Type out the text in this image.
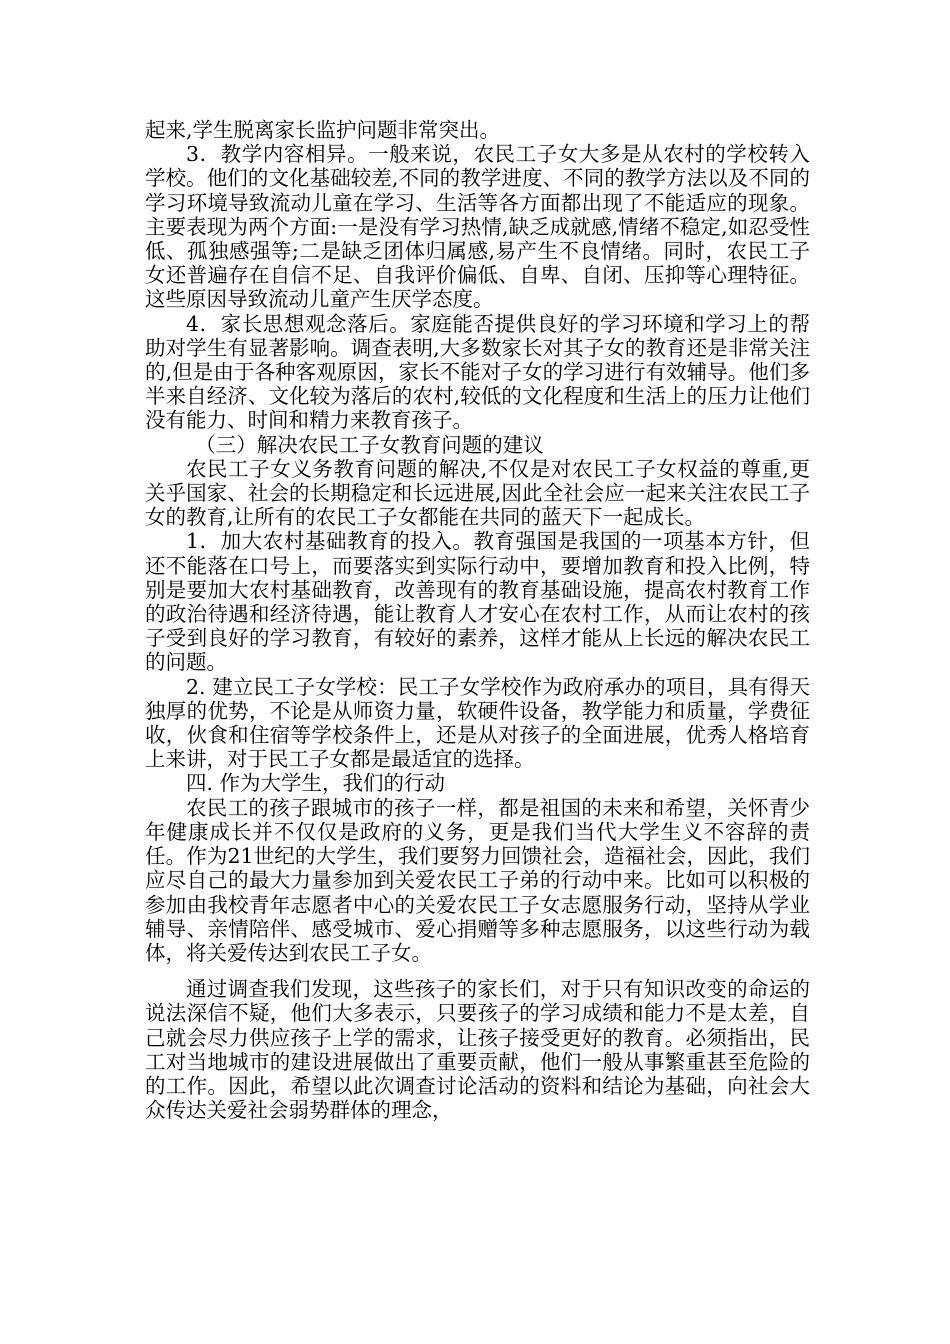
起来,学生脱离家长监护问题非常突出。

3．教学内容相异。一般来说，农民工子女大多是从农村的学校转入学校。他们的文化基础较差,不同的教学进度、不同的教学方法以及不同的学习环境导致流动儿童在学习、生活等各方面都出现了不能适应的现象。主要表现为两个方面:一是没有学习热情,缺乏成就感,情绪不稳定,如忍受性低、孤独感强等;二是缺乏团体归属感,易产生不良情绪。同时，农民工子女还普遍存在自信不足、自我评价偏低、自卑、自闭、压抑等心理特征。这些原因导致流动儿童产生厌学态度。

4．家长思想观念落后。家庭能否提供良好的学习环境和学习上的帮助对学生有显著影响。调查表明,大多数家长对其子女的教育还是非常关注的,但是由于各种客观原因，家长不能对子女的学习进行有效辅导。他们多半来自经济、文化较为落后的农村,较低的文化程度和生活上的压力让他们没有能力、时间和精力来教育孩子。

（三）解决农民工子女教育问题的建议

农民工子女义务教育问题的解决,不仅是对农民工子女权益的尊重,更关乎国家、社会的长期稳定和长远进展,因此全社会应一起来关注农民工子女的教育,让所有的农民工子女都能在共同的蓝天下一起成长。

1．加大农村基础教育的投入。教育强国是我国的一项基本方针，但还不能落在口号上，而要落实到实际行动中，要增加教育和投入比例，特别是要加大农村基础教育，改善现有的教育基础设施，提高农村教育工作的政治待遇和经济待遇，能让教育人才安心在农村工作，从而让农村的孩子受到良好的学习教育，有较好的素养，这样才能从上长远的解决农民工的问题。

2. 建立民工子女学校：民工子女学校作为政府承办的项目，具有得天独厚的优势，不论是从师资力量，软硬件设备，教学能力和质量，学费征收，伙食和住宿等学校条件上，还是从对孩子的全面进展，优秀人格培育上来讲，对于民工子女都是最适宜的选择。

四. 作为大学生，我们的行动

农民工的孩子跟城市的孩子一样，都是祖国的未来和希望，关怀青少年健康成长并不仅仅是政府的义务，更是我们当代大学生义不容辞的责任。作为21世纪的大学生，我们要努力回馈社会，造福社会，因此，我们应尽自己的最大力量参加到关爱农民工子弟的行动中来。比如可以积极的参加由我校青年志愿者中心的关爱农民工子女志愿服务行动，坚持从学业辅导、亲情陪伴、感受城市、爱心捐赠等多种志愿服务，以这些行动为载体，将关爱传达到农民工子女。

通过调查我们发现，这些孩子的家长们，对于只有知识改变的命运的说法深信不疑，他们大多表示，只要孩子的学习成绩和能力不是太差，自己就会尽力供应孩子上学的需求，让孩子接受更好的教育。必须指出，民工对当地城市的建设进展做出了重要贡献，他们一般从事繁重甚至危险的的工作。因此，希望以此次调查讨论活动的资料和结论为基础，向社会大众传达关爱社会弱势群体的理念，
